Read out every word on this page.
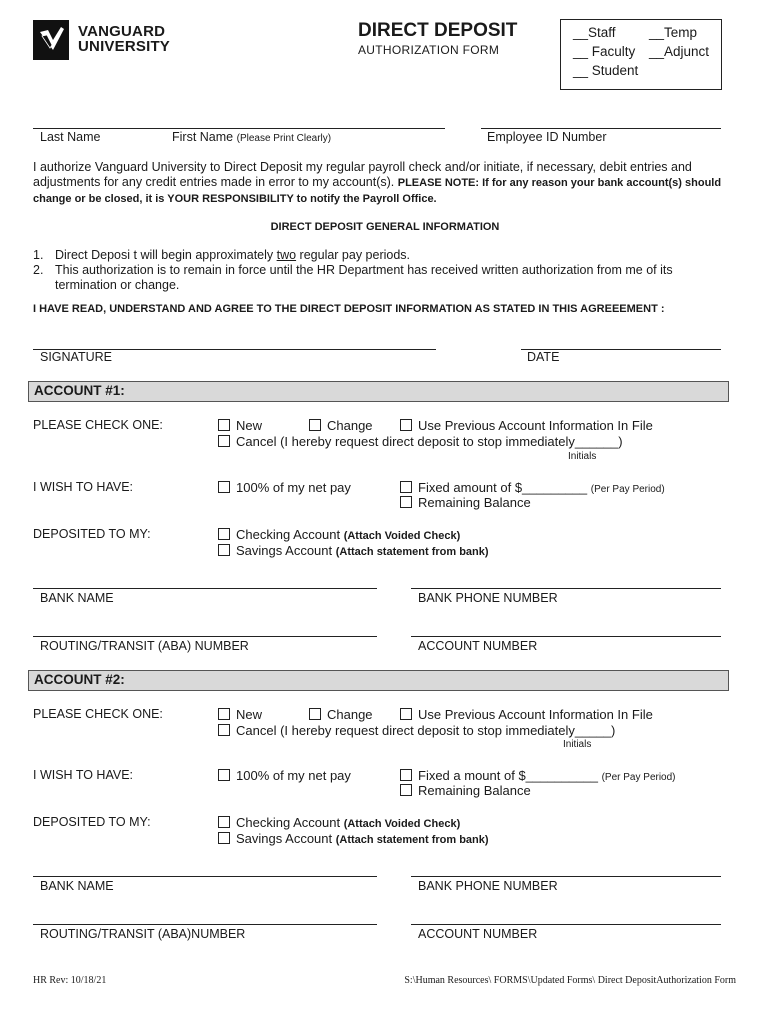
VANGUARD
UNIVERSITY
DIRECT DEPOSIT
AUTHORIZATION FORM
__Staff __Temp
__ Faculty __Adjunct
__ Student
Last Name	First Name (Please Print Clearly)	Employee ID Number
I authorize Vanguard University to Direct Deposit my regular payroll check and/or initiate, if necessary, debit entries and adjustments for any credit entries made in error to my account(s). PLEASE NOTE: If for any reason your bank account(s) should change or be closed, it is YOUR RESPONSIBILITY to notify the Payroll Office.
DIRECT DEPOSIT GENERAL INFORMATION
1. Direct Deposi t will begin approximately two regular pay periods.
2. This authorization is to remain in force until the HR Department has received written authorization from me of its termination or change.
I HAVE READ, UNDERSTAND AND AGREE TO THE DIRECT DEPOSIT INFORMATION AS STATED IN THIS AGREEEMENT :
SIGNATURE	DATE
ACCOUNT #1:
PLEASE CHECK ONE:	New	Change	Use Previous Account Information In File
Cancel (I hereby request direct deposit to stop immediately______)
Initials
I WISH TO HAVE:	100% of my net pay	Fixed amount of $_________ (Per Pay Period)
Remaining Balance
DEPOSITED TO MY:	Checking Account (Attach Voided Check)
Savings Account (Attach statement from bank)
BANK NAME	BANK PHONE NUMBER
ROUTING/TRANSIT (ABA) NUMBER	ACCOUNT NUMBER
ACCOUNT #2:
PLEASE CHECK ONE:	New	Change	Use Previous Account Information In File
Cancel (I hereby request direct deposit to stop immediately_____)
Initials
I WISH TO HAVE:	100% of my net pay	Fixed a mount of $__________ (Per Pay Period)
Remaining Balance
DEPOSITED TO MY:	Checking Account (Attach Voided Check)
Savings Account (Attach statement from bank)
BANK NAME	BANK PHONE NUMBER
ROUTING/TRANSIT (ABA)NUMBER	ACCOUNT NUMBER
HR Rev: 10/18/21	S:\Human Resources\ FORMS\Updated Forms\ Direct DepositAuthorization Form
